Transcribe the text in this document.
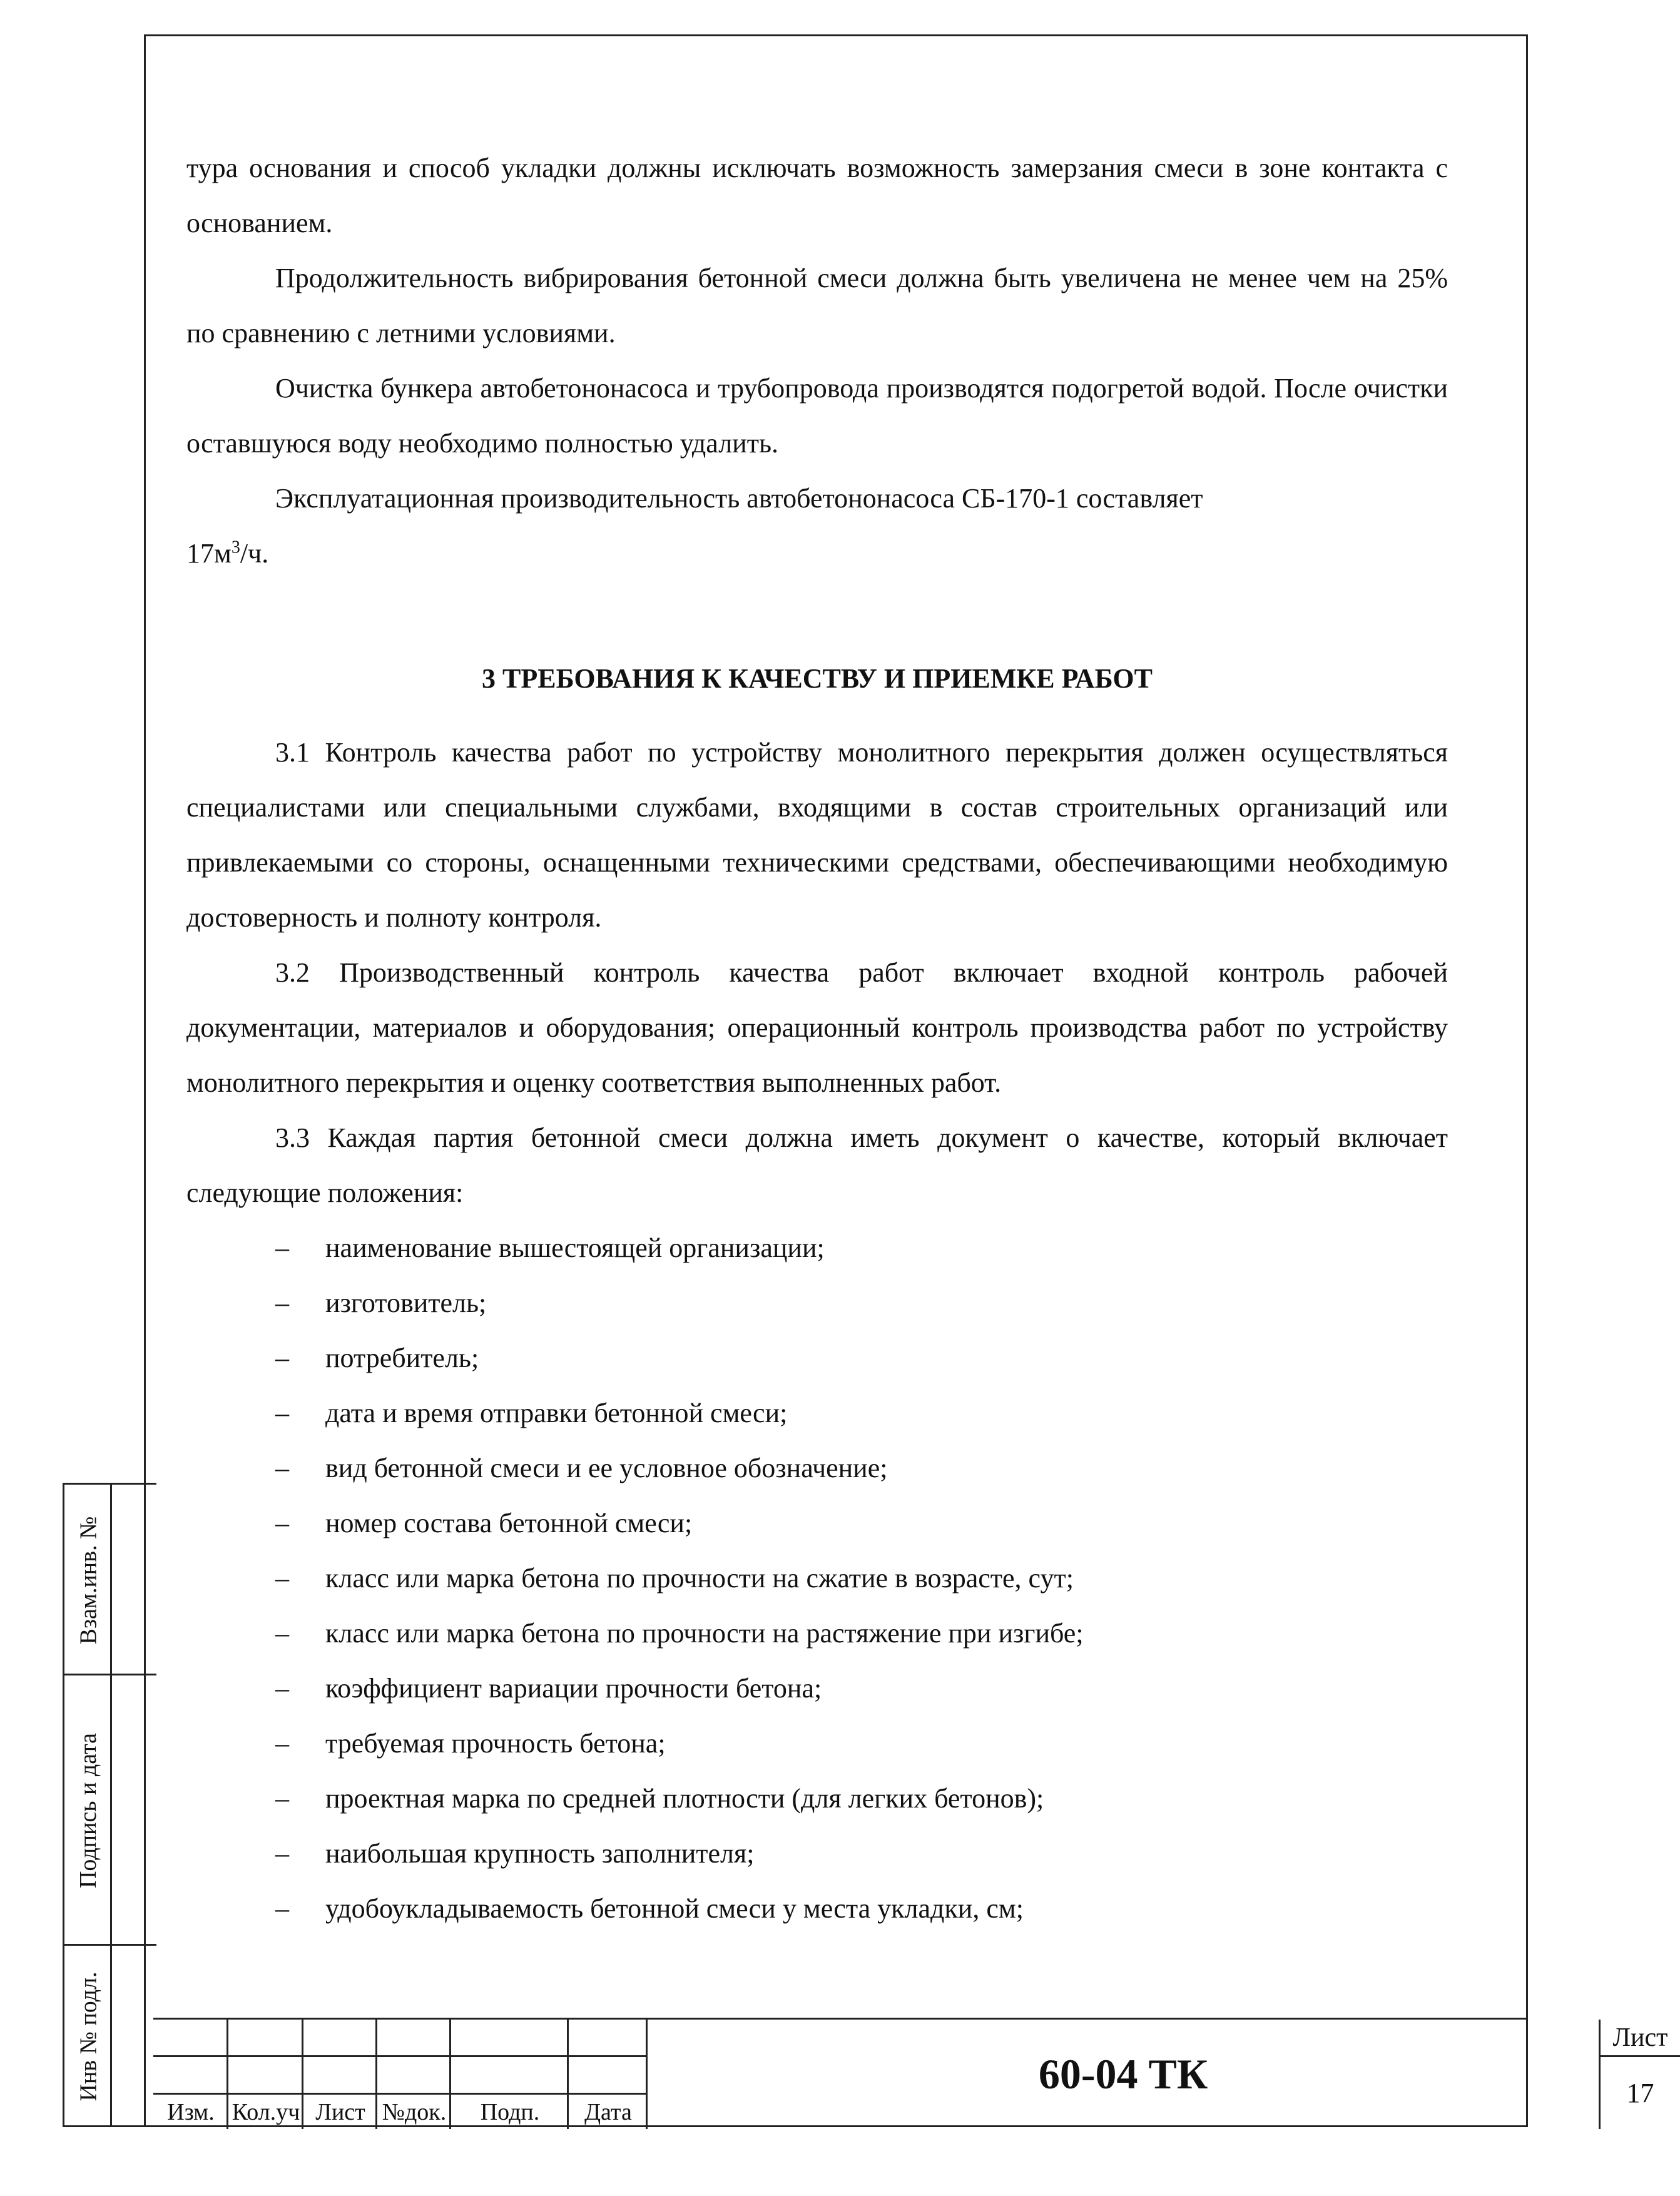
тура основания и способ укладки должны исключать возможность замерзания смеси в зоне контакта с основанием.

Продолжительность вибрирования бетонной смеси должна быть увеличена не менее чем на 25% по сравнению с летними условиями.

Очистка бункера автобетононасоса и трубопровода производятся подогретой водой. После очистки оставшуюся воду необходимо полностью удалить.

Эксплуатационная производительность автобетононасоса СБ-170-1 составляет
$17м^3/ч$.

3 ТРЕБОВАНИЯ К КАЧЕСТВУ И ПРИЕМКЕ РАБОТ

3.1 Контроль качества работ по устройству монолитного перекрытия должен осуществляться специалистами или специальными службами, входящими в состав строительных организаций или привлекаемыми со стороны, оснащенными техническими средствами, обеспечивающими необходимую достоверность и полноту контроля.

3.2 Производственный контроль качества работ включает входной контроль рабочей документации, материалов и оборудования; операционный контроль производства работ по устройству монолитного перекрытия и оценку соответствия выполненных работ.

3.3 Каждая партия бетонной смеси должна иметь документ о качестве, который включает следующие положения:

– наименование вышестоящей организации;
– изготовитель;
– потребитель;
– дата и время отправки бетонной смеси;
– вид бетонной смеси и ее условное обозначение;
– номер состава бетонной смеси;
– класс или марка бетона по прочности на сжатие в возрасте, сут;
– класс или марка бетона по прочности на растяжение при изгибе;
– коэффициент вариации прочности бетона;
– требуемая прочность бетона;
– проектная марка по средней плотности (для легких бетонов);
– наибольшая крупность заполнителя;
– удобоукладываемость бетонной смеси у места укладки, см;
Взам.инв. №
Подпись и дата
Инв № подл.
Изм. Кол.уч Лист №док.	Подп.	Дата
60-04 ТК
Лист
17
